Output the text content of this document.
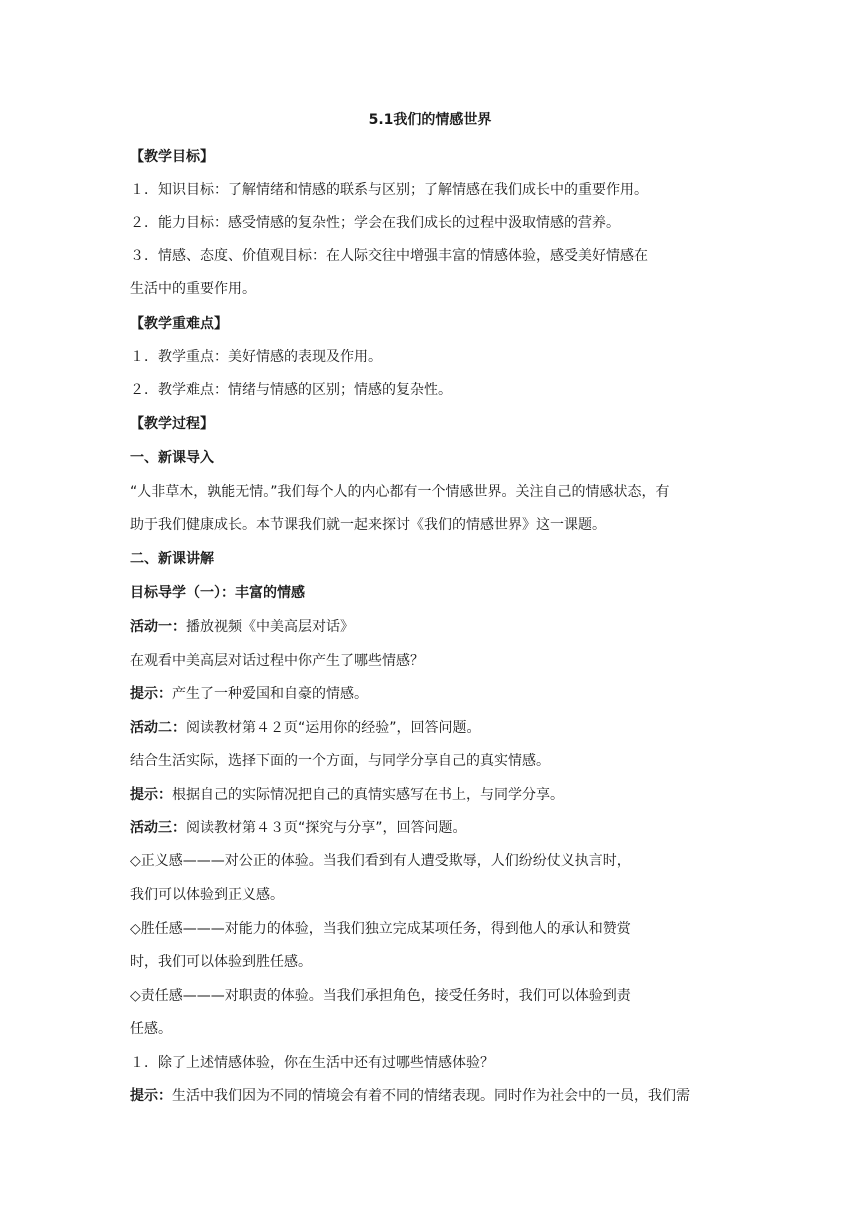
5.1我们的情感世界
【教学目标】
１．知识目标：了解情绪和情感的联系与区别；了解情感在我们成长中的重要作用。
２．能力目标：感受情感的复杂性；学会在我们成长的过程中汲取情感的营养。
３．情感、态度、价值观目标：在人际交往中增强丰富的情感体验，感受美好情感在
生活中的重要作用。
【教学重难点】
１．教学重点：美好情感的表现及作用。
２．教学难点：情绪与情感的区别；情感的复杂性。
【教学过程】
一、新课导入
“人非草木，孰能无情。”我们每个人的内心都有一个情感世界。关注自己的情感状态，有
助于我们健康成长。本节课我们就一起来探讨《我们的情感世界》这一课题。
二、新课讲解
目标导学（一）：丰富的情感
活动一：播放视频《中美高层对话》
在观看中美高层对话过程中你产生了哪些情感？
提示：产生了一种爱国和自豪的情感。
活动二：阅读教材第４２页“运用你的经验”，回答问题。
结合生活实际，选择下面的一个方面，与同学分享自己的真实情感。
提示：根据自己的实际情况把自己的真情实感写在书上，与同学分享。
活动三：阅读教材第４３页“探究与分享”，回答问题。
◇正义感———对公正的体验。当我们看到有人遭受欺辱，人们纷纷仗义执言时，
我们可以体验到正义感。
◇胜任感———对能力的体验，当我们独立完成某项任务，得到他人的承认和赞赏
时，我们可以体验到胜任感。
◇责任感———对职责的体验。当我们承担角色，接受任务时，我们可以体验到责
任感。
１．除了上述情感体验，你在生活中还有过哪些情感体验？
提示：生活中我们因为不同的情境会有着不同的情绪表现。同时作为社会中的一员，我们需
